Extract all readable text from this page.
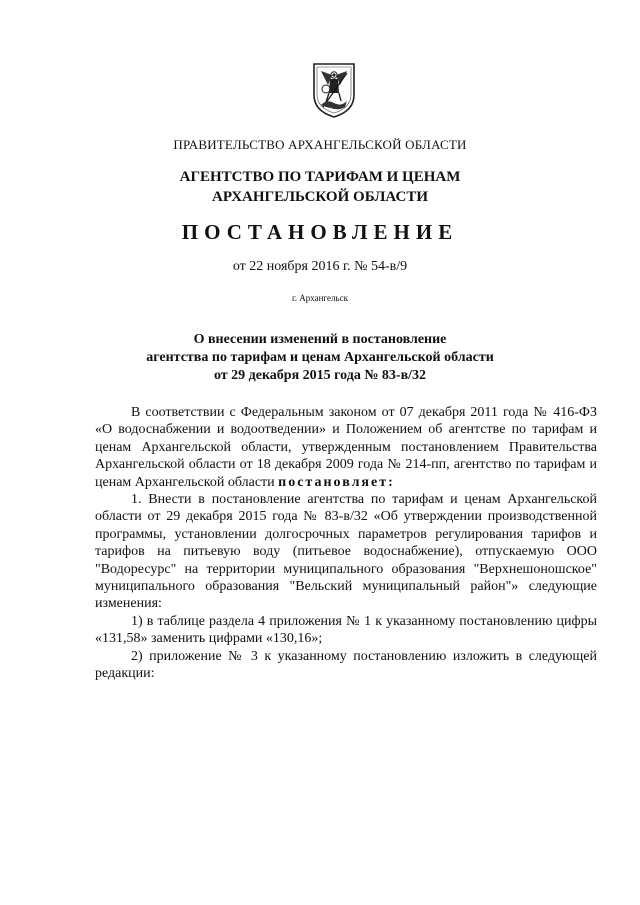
ПРАВИТЕЛЬСТВО АРХАНГЕЛЬСКОЙ ОБЛАСТИ
АГЕНТСТВО ПО ТАРИФАМ И ЦЕНАМ
АРХАНГЕЛЬСКОЙ ОБЛАСТИ
ПОСТАНОВЛЕНИЕ
от 22 ноября 2016 г. № 54-в/9
г. Архангельск
О внесении изменений в постановление
агентства по тарифам и ценам Архангельской области
от 29 декабря 2015 года № 83-в/32

В соответствии с Федеральным законом от 07 декабря 2011 года № 416-ФЗ «О водоснабжении и водоотведении» и Положением об агентстве по тарифам и ценам Архангельской области, утвержденным постановлением Правительства Архангельской области от 18 декабря 2009 года № 214-пп, агентство по тарифам и ценам Архангельской области постановляет:

1. Внести в постановление агентства по тарифам и ценам Архангельской области от 29 декабря 2015 года № 83-в/32 «Об утверждении производственной программы, установлении долгосрочных параметров регулирования тарифов и тарифов на питьевую воду (питьевое водоснабжение), отпускаемую ООО "Водоресурс" на территории муниципального образования "Верхнешоношское" муниципального образования "Вельский муниципальный район"» следующие изменения:

1) в таблице раздела 4 приложения № 1 к указанному постановлению цифры «131,58» заменить цифрами «130,16»;

2) приложение № 3 к указанному постановлению изложить в следующей редакции:
